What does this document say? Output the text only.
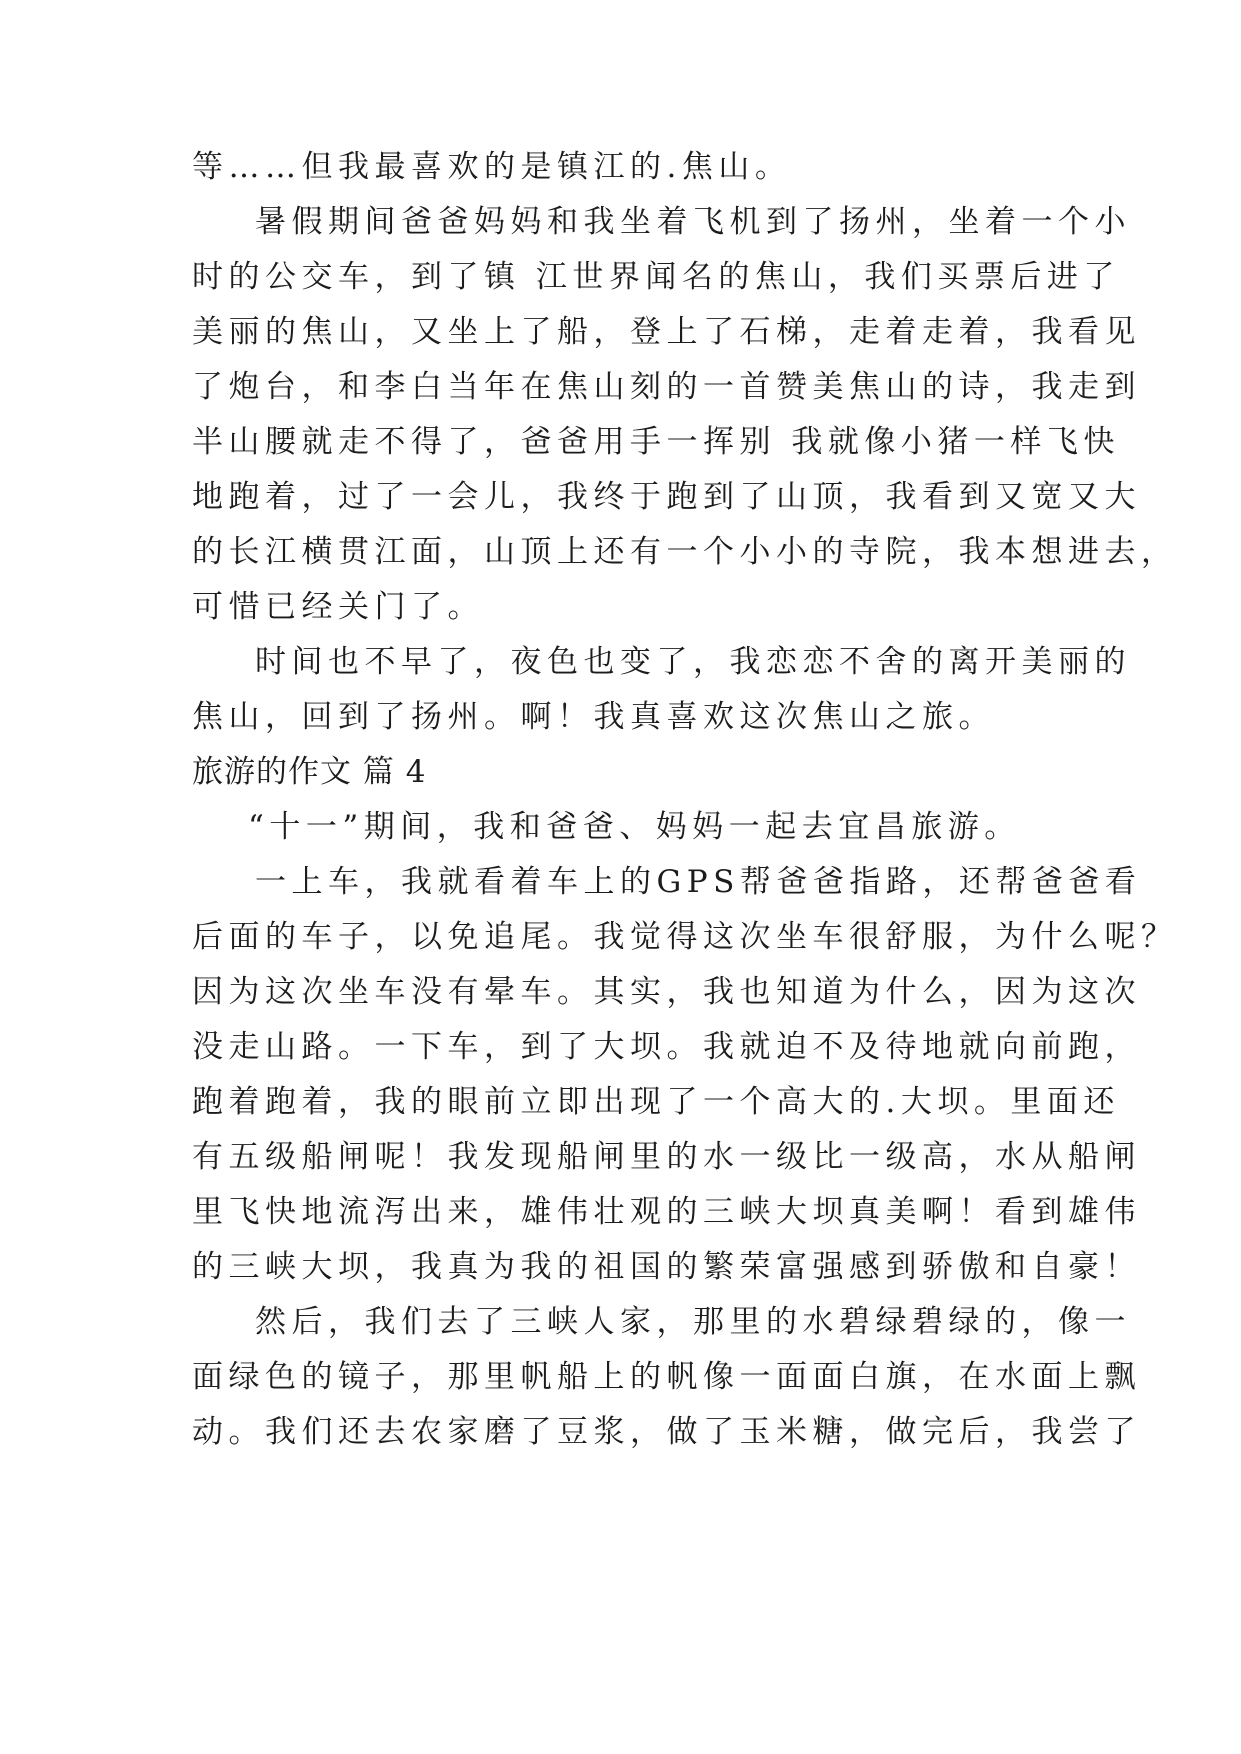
等……但我最喜欢的是镇江的.焦山。
暑假期间爸爸妈妈和我坐着飞机到了扬州，坐着一个小
时的公交车，到了镇 江世界闻名的焦山，我们买票后进了
美丽的焦山，又坐上了船，登上了石梯，走着走着，我看见
了炮台，和李白当年在焦山刻的一首赞美焦山的诗，我走到
半山腰就走不得了，爸爸用手一挥别 我就像小猪一样飞快
地跑着，过了一会儿，我终于跑到了山顶，我看到又宽又大
的长江横贯江面，山顶上还有一个小小的寺院，我本想进去，
可惜已经关门了。
时间也不早了，夜色也变了，我恋恋不舍的离开美丽的
焦山，回到了扬州。啊！我真喜欢这次焦山之旅。
旅游的作文 篇 4
“十一”期间，我和爸爸、妈妈一起去宜昌旅游。
一上车，我就看着车上的GPS帮爸爸指路，还帮爸爸看
后面的车子，以免追尾。我觉得这次坐车很舒服，为什么呢？
因为这次坐车没有晕车。其实，我也知道为什么，因为这次
没走山路。一下车，到了大坝。我就迫不及待地就向前跑，
跑着跑着，我的眼前立即出现了一个高大的.大坝。里面还
有五级船闸呢！我发现船闸里的水一级比一级高，水从船闸
里飞快地流泻出来，雄伟壮观的三峡大坝真美啊！看到雄伟
的三峡大坝，我真为我的祖国的繁荣富强感到骄傲和自豪！
然后，我们去了三峡人家，那里的水碧绿碧绿的，像一
面绿色的镜子，那里帆船上的帆像一面面白旗，在水面上飘
动。我们还去农家磨了豆浆，做了玉米糖，做完后，我尝了
